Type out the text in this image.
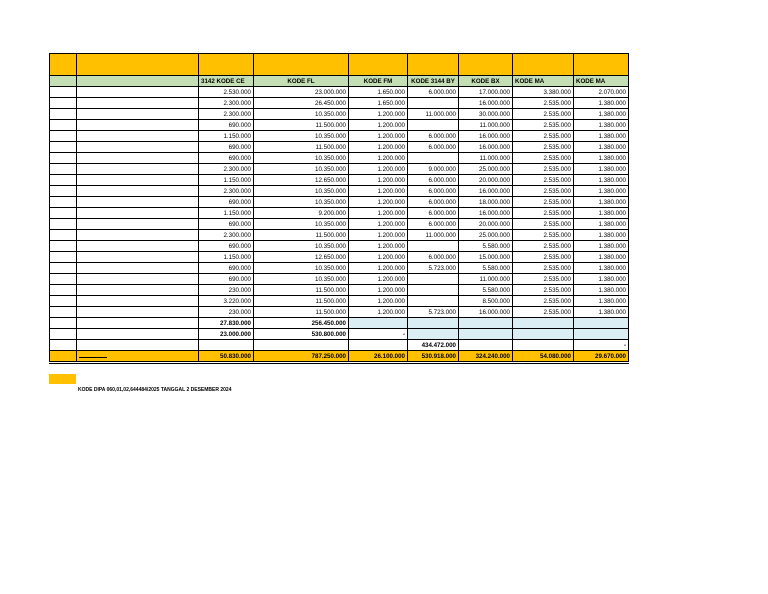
		3142 KODE CE	KODE FL	KODE FM	KODE 3144 BY	KODE BX	KODE MA	KODE MA
		2.530.000	23.000.000	1.650.000	6.000.000	17.000.000	3.380.000	2.070.000
		2.300.000	26.450.000	1.650.000		16.000.000	2.535.000	1.380.000
		2.300.000	10.350.000	1.200.000	11.000.000	30.000.000	2.535.000	1.380.000
		690.000	11.500.000	1.200.000		11.000.000	2.535.000	1.380.000
		1.150.000	10.350.000	1.200.000	6.000.000	16.000.000	2.535.000	1.380.000
		690.000	11.500.000	1.200.000	6.000.000	16.000.000	2.535.000	1.380.000
		690.000	10.350.000	1.200.000		11.000.000	2.535.000	1.380.000
		2.300.000	10.350.000	1.200.000	9.000.000	25.000.000	2.535.000	1.380.000
		1.150.000	12.650.000	1.200.000	6.000.000	20.000.000	2.535.000	1.380.000
		2.300.000	10.350.000	1.200.000	6.000.000	16.000.000	2.535.000	1.380.000
		690.000	10.350.000	1.200.000	6.000.000	18.000.000	2.535.000	1.380.000
		1.150.000	9.200.000	1.200.000	6.000.000	16.000.000	2.535.000	1.380.000
		690.000	10.350.000	1.200.000	6.000.000	20.000.000	2.535.000	1.380.000
		2.300.000	11.500.000	1.200.000	11.000.000	25.000.000	2.535.000	1.380.000
		690.000	10.350.000	1.200.000		5.580.000	2.535.000	1.380.000
		1.150.000	12.650.000	1.200.000	6.000.000	15.000.000	2.535.000	1.380.000
		690.000	10.350.000	1.200.000	5.723.000	5.580.000	2.535.000	1.380.000
		690.000	10.350.000	1.200.000		11.000.000	2.535.000	1.380.000
		230.000	11.500.000	1.200.000		5.580.000	2.535.000	1.380.000
		3.220.000	11.500.000	1.200.000		8.500.000	2.535.000	1.380.000
		230.000	11.500.000	1.200.000	5.723.000	16.000.000	2.535.000	1.380.000
		27.830.000	256.450.000					
		23.000.000	530.800.000	-				
					434.472.000			-
		50.830.000	787.250.000	26.100.000	530.918.000	324.240.000	54.080.000	29.670.000
KODE DIPA 060,01,02,644484/2025 TANGGAL 2 DESEMBER 2024
